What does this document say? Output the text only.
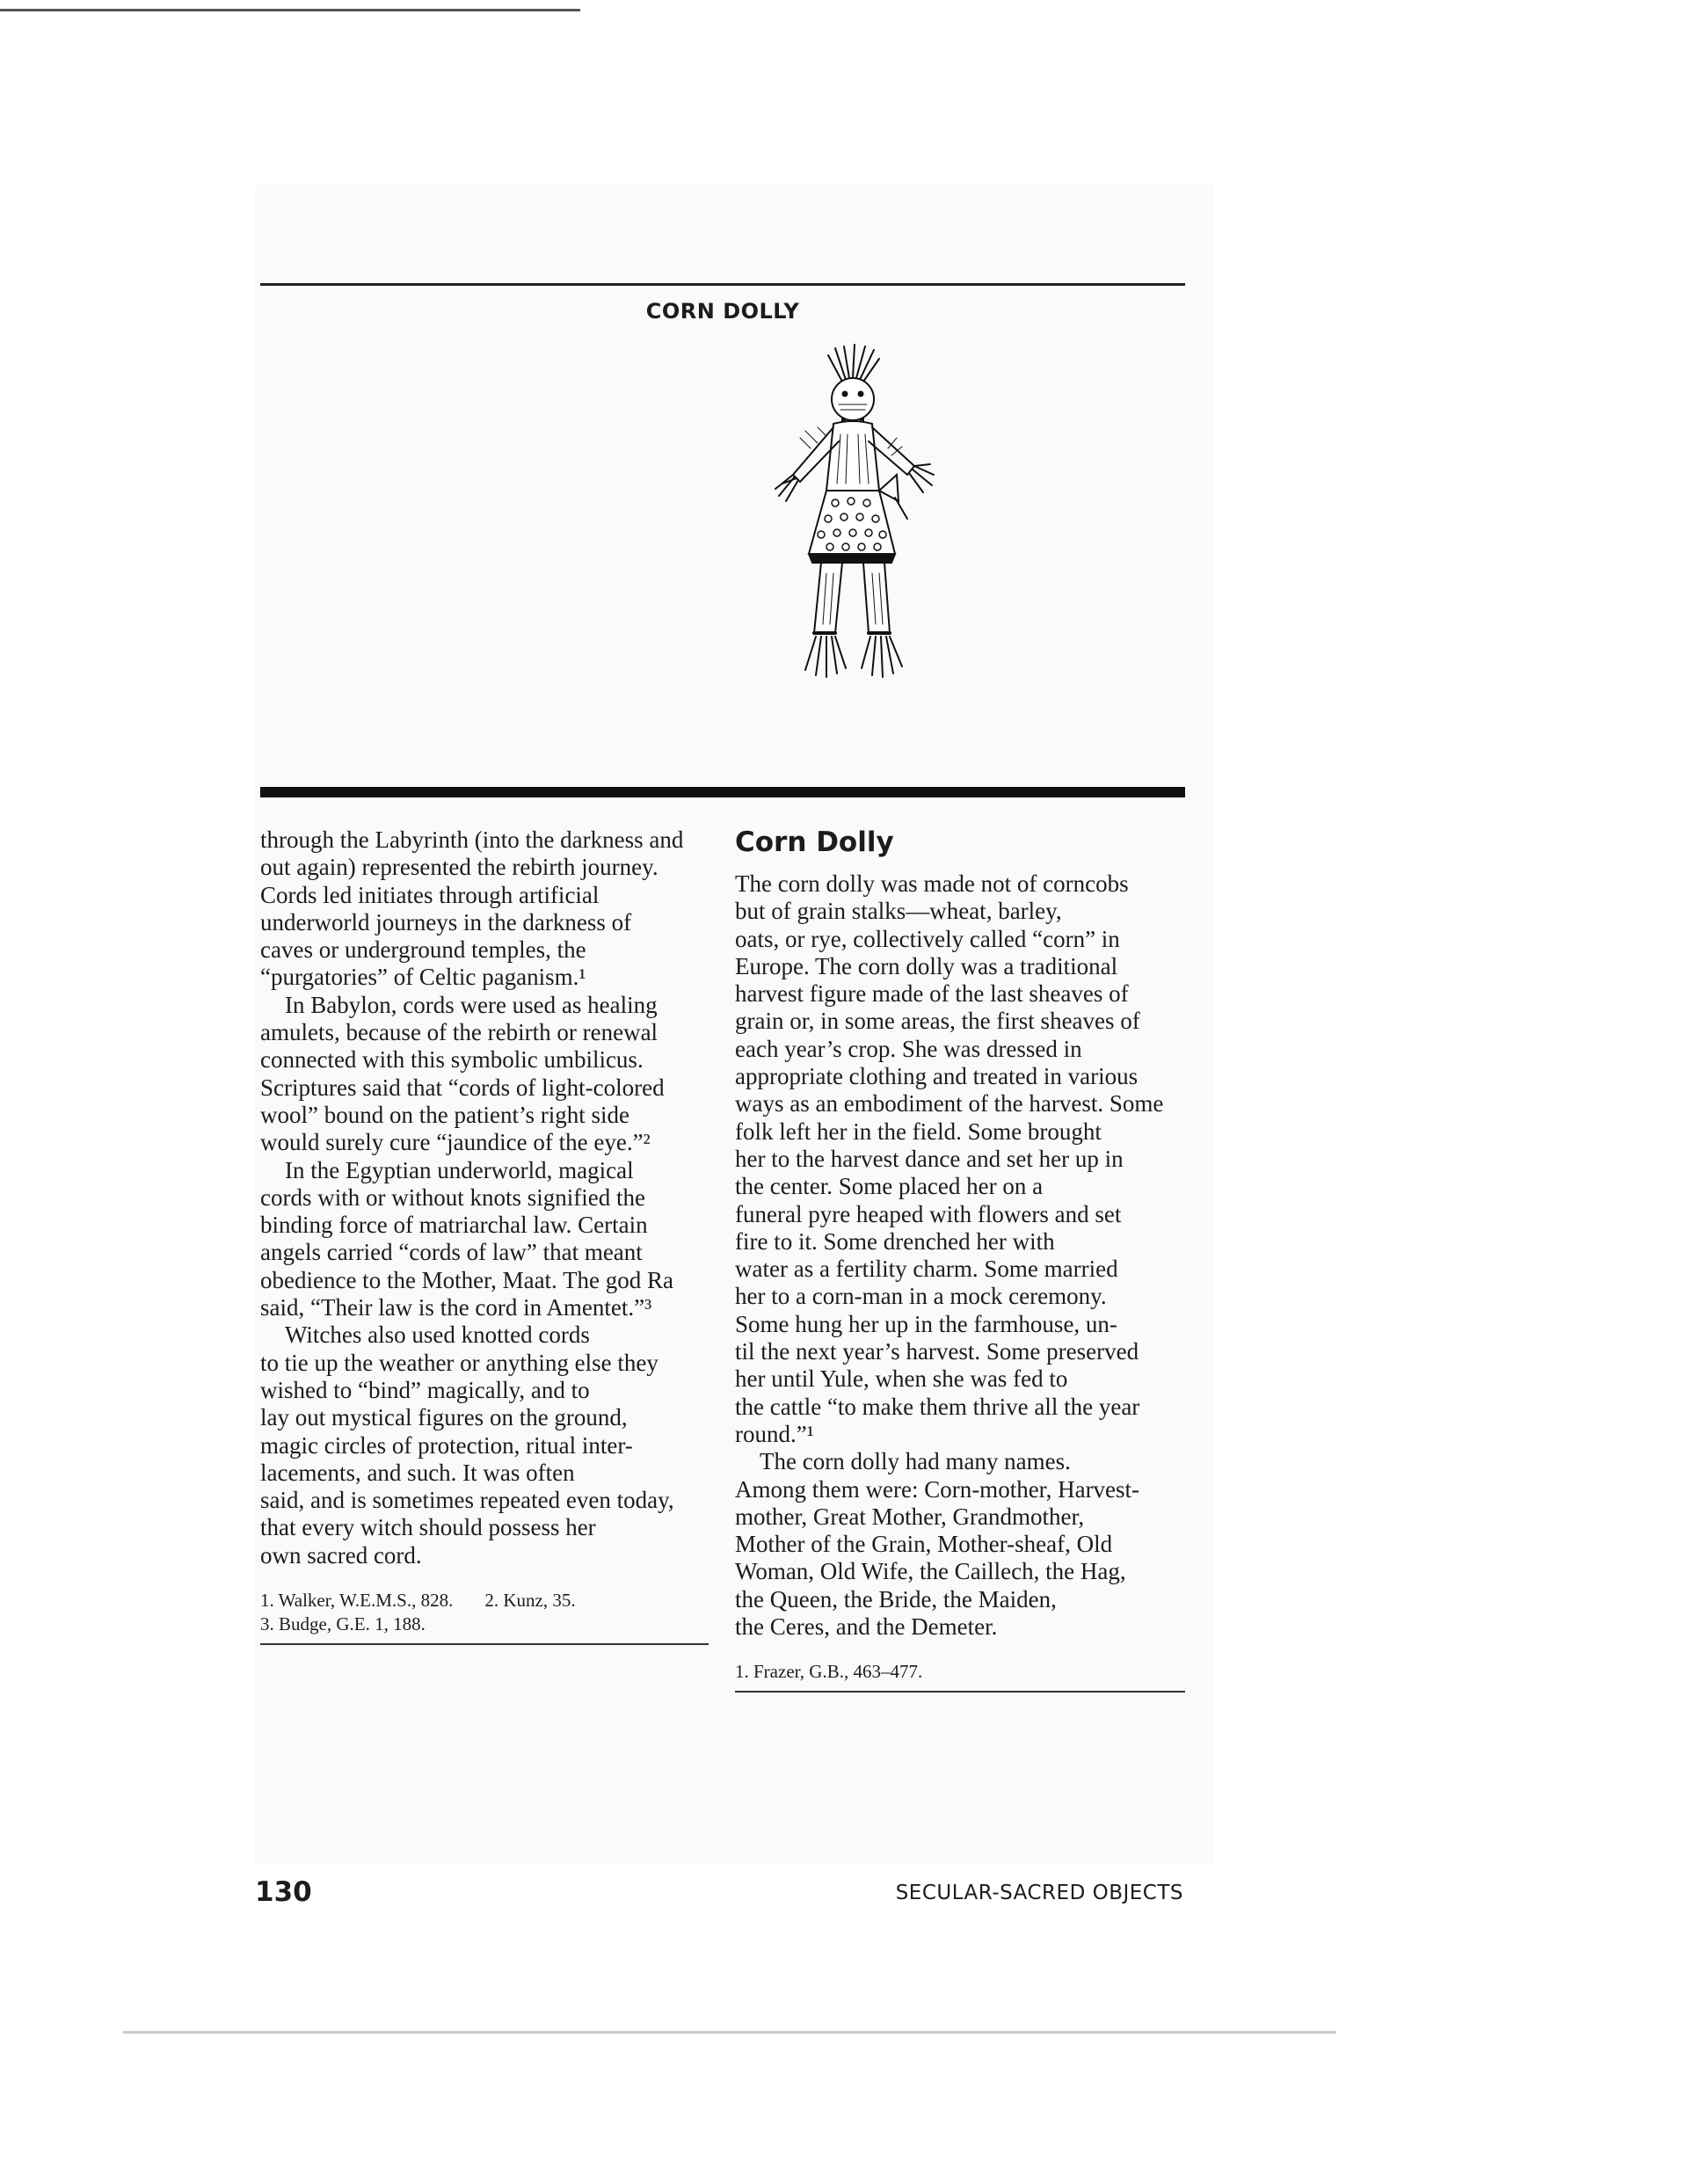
CORN DOLLY
through the Labyrinth (into the darkness and
out again) represented the rebirth journey.
Cords led initiates through artificial
underworld journeys in the darkness of
caves or underground temples, the
“purgatories” of Celtic paganism.¹
In Babylon, cords were used as healing
amulets, because of the rebirth or renewal
connected with this symbolic umbilicus.
Scriptures said that “cords of light-colored
wool” bound on the patient’s right side
would surely cure “jaundice of the eye.”²
In the Egyptian underworld, magical
cords with or without knots signified the
binding force of matriarchal law. Certain
angels carried “cords of law” that meant
obedience to the Mother, Maat. The god Ra
said, “Their law is the cord in Amentet.”³
Witches also used knotted cords
to tie up the weather or anything else they
wished to “bind” magically, and to
lay out mystical figures on the ground,
magic circles of protection, ritual inter-
lacements, and such. It was often
said, and is sometimes repeated even today,
that every witch should possess her
own sacred cord.
1. Walker, W.E.M.S., 828. 2. Kunz, 35.
3. Budge, G.E. 1, 188.
Corn Dolly
The corn dolly was made not of corncobs
but of grain stalks—wheat, barley,
oats, or rye, collectively called “corn” in
Europe. The corn dolly was a traditional
harvest figure made of the last sheaves of
grain or, in some areas, the first sheaves of
each year’s crop. She was dressed in
appropriate clothing and treated in various
ways as an embodiment of the harvest. Some
folk left her in the field. Some brought
her to the harvest dance and set her up in
the center. Some placed her on a
funeral pyre heaped with flowers and set
fire to it. Some drenched her with
water as a fertility charm. Some married
her to a corn-man in a mock ceremony.
Some hung her up in the farmhouse, un-
til the next year’s harvest. Some preserved
her until Yule, when she was fed to
the cattle “to make them thrive all the year
round.”¹
The corn dolly had many names.
Among them were: Corn-mother, Harvest-
mother, Great Mother, Grandmother,
Mother of the Grain, Mother-sheaf, Old
Woman, Old Wife, the Caillech, the Hag,
the Queen, the Bride, the Maiden,
the Ceres, and the Demeter.
1. Frazer, G.B., 463–477.
130	SECULAR-SACRED OBJECTS
